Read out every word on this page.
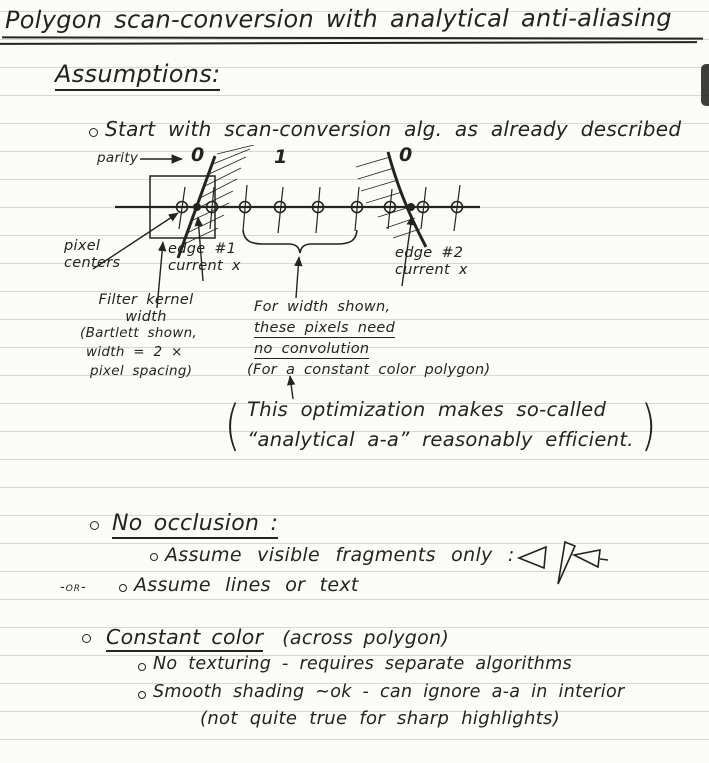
Polygon scan-conversion with analytical anti-aliasing
Assumptions:
Start with scan-conversion alg. as already described
parity	0	1	0
pixel
centers
edge #1
current x
edge #2
current x
Filter kernel
width
(Bartlett shown,
width = 2 ×
pixel spacing)
For width shown,
these pixels need
no convolution
(For a constant color polygon)
( This optimization makes so-called
“analytical a-a” reasonably efficient. )
No occlusion :
Assume visible fragments only :
-or- Assume lines or text
Constant color (across polygon)
No texturing - requires separate algorithms
Smooth shading ~ok - can ignore a-a in interior
(not quite true for sharp highlights)
